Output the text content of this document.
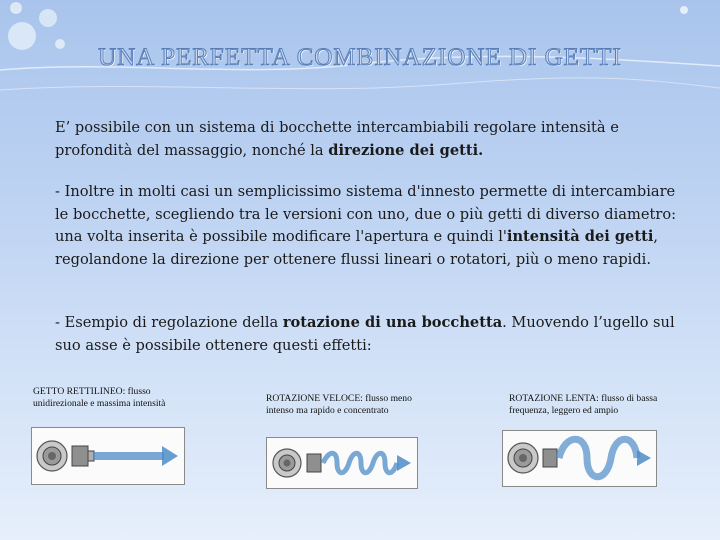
UNA PERFETTA COMBINAZIONE DI GETTI

E’ possibile con un sistema di bocchette intercambiabili regolare intensità e profondità del massaggio, nonché la direzione dei getti.

- Inoltre in molti casi un semplicissimo sistema d'innesto permette di intercambiare le bocchette, scegliendo tra le versioni con uno, due o più getti di diverso diametro: una volta inserita è possibile modificare l'apertura e quindi l'intensità dei getti, regolandone la direzione per ottenere flussi lineari o rotatori, più o meno rapidi.

- Esempio di regolazione della rotazione di una bocchetta. Muovendo l’ugello sul suo asse è possibile ottenere questi effetti:

GETTO RETTILINEO: flusso unidirezionale e massima intensità	ROTAZIONE VELOCE: flusso meno intenso ma rapido e concentrato

ROTAZIONE LENTA: flusso di bassa frequenza, leggero ed ampio
